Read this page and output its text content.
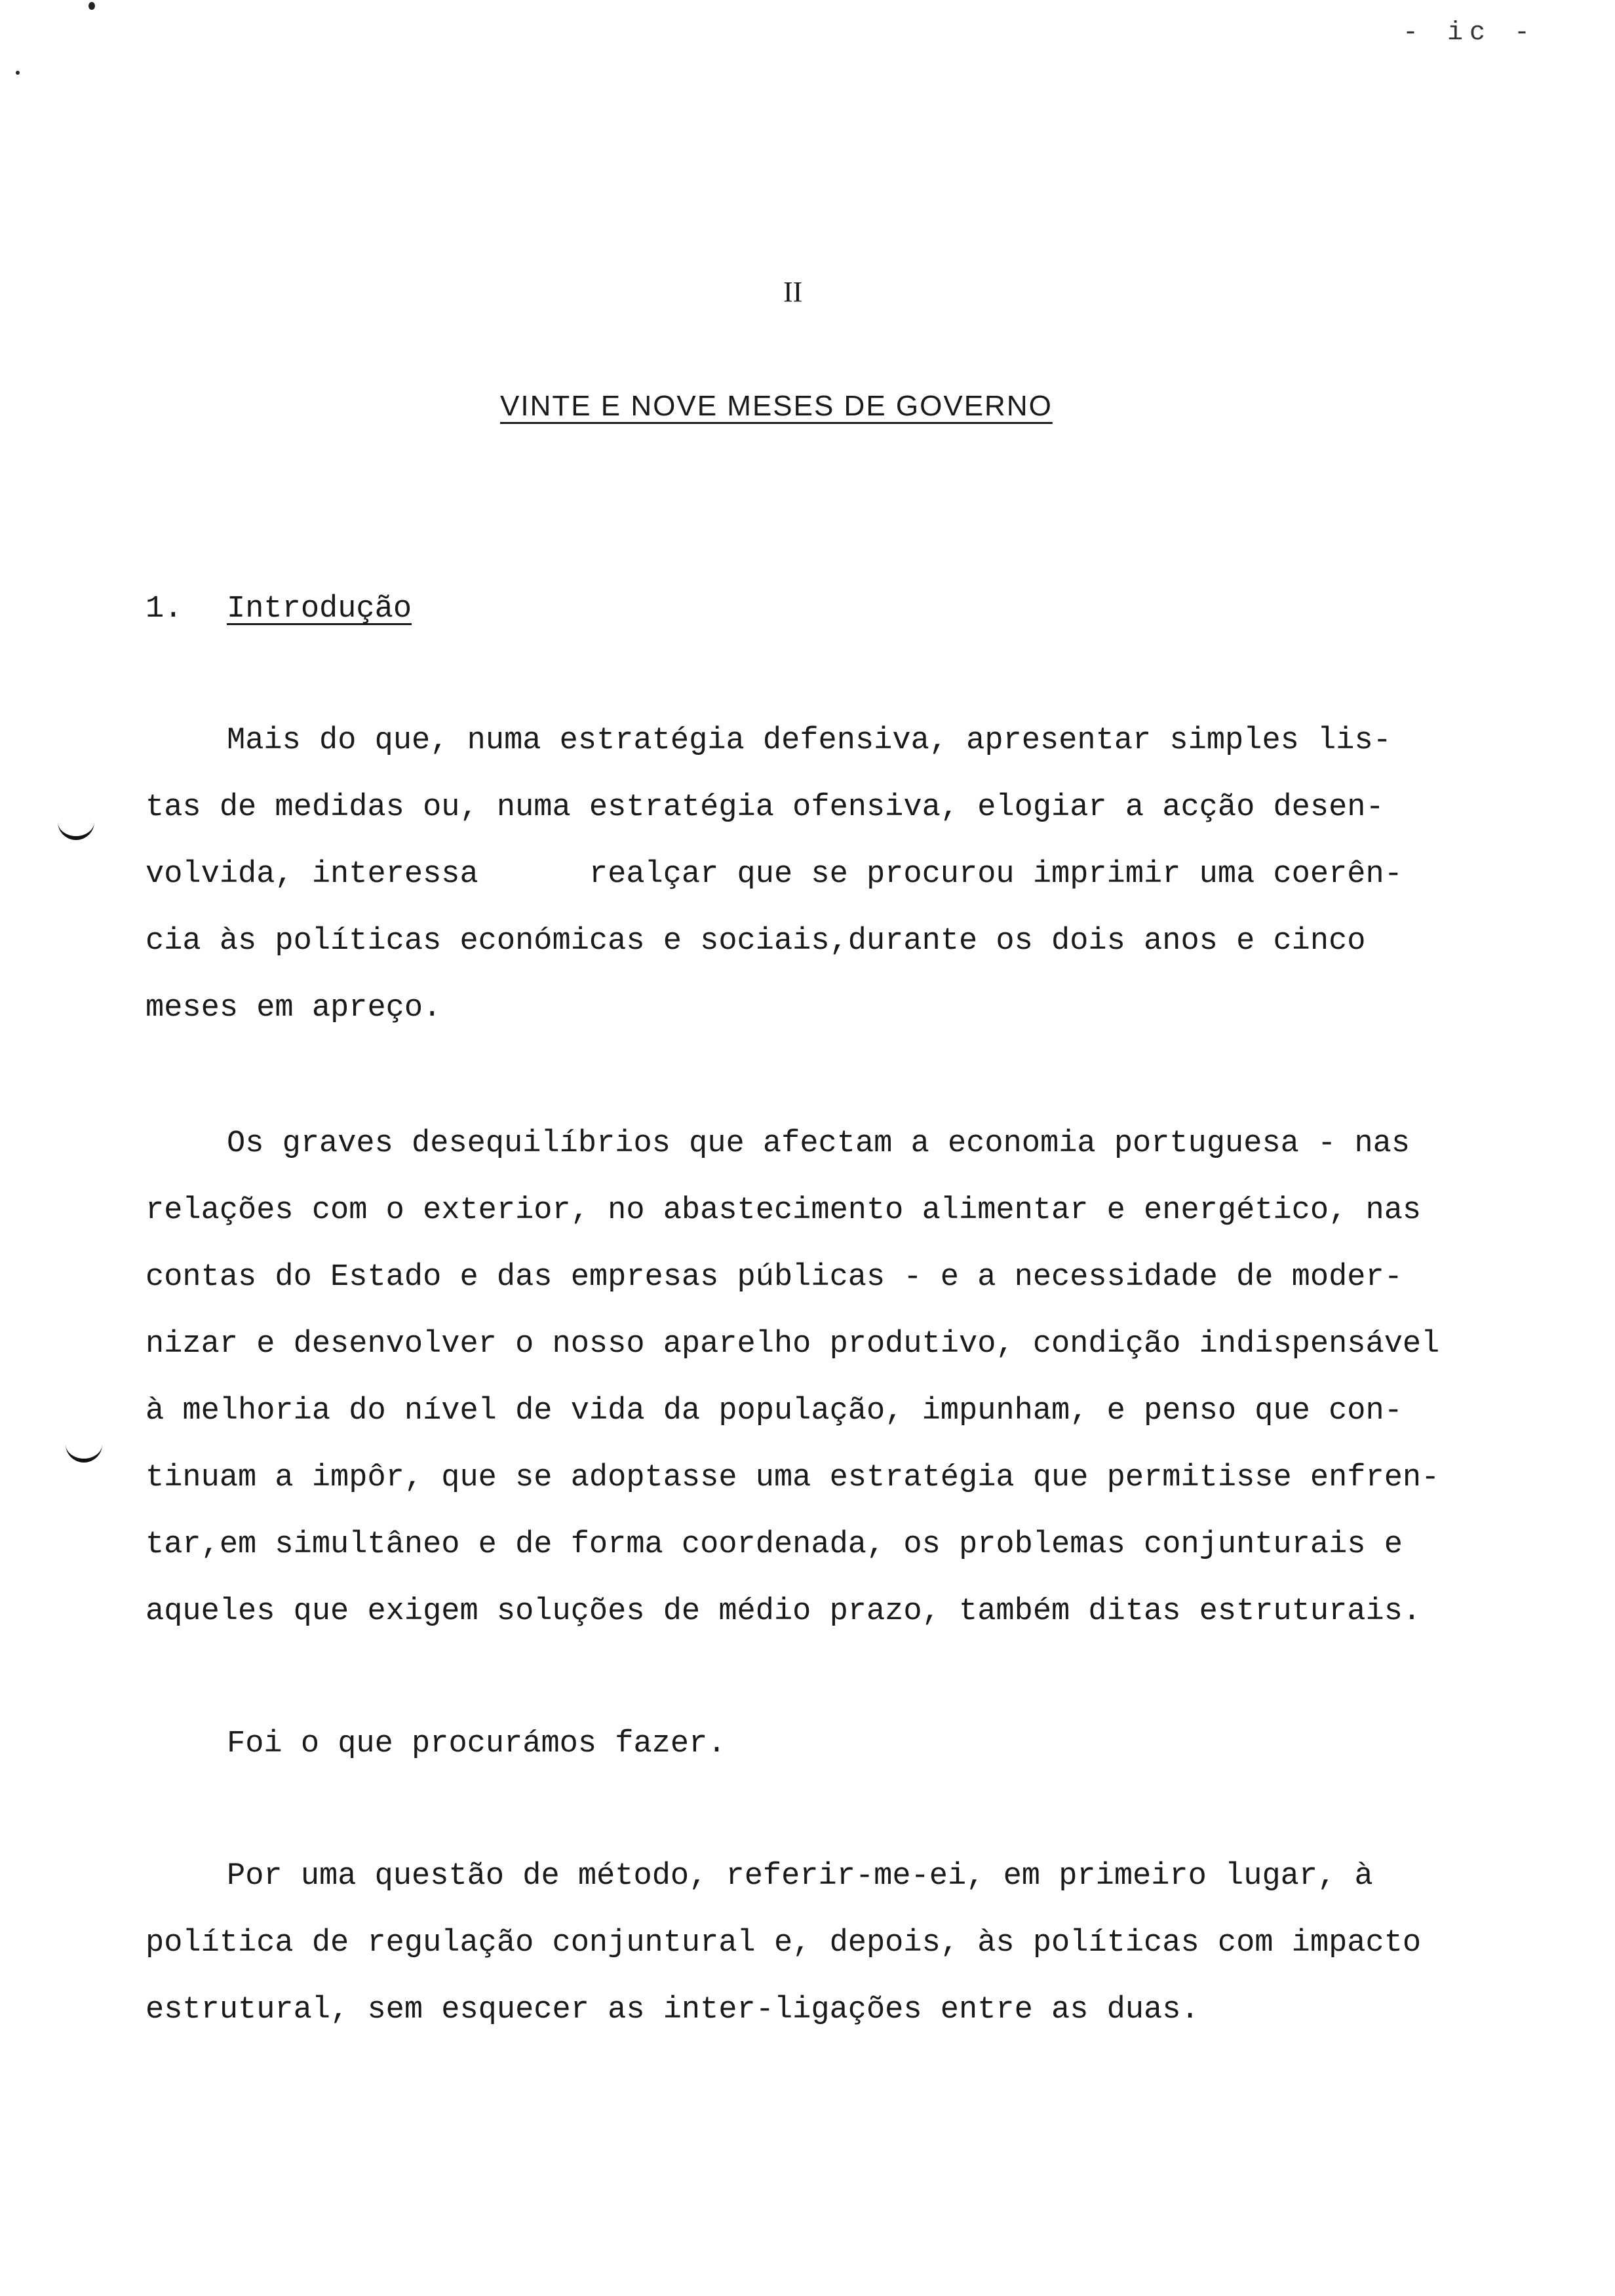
- ic -
II
VINTE E NOVE MESES DE GOVERNO
1. Introdução
Mais do que, numa estratégia defensiva, apresentar simples lis-
tas de medidas ou, numa estratégia ofensiva, elogiar a acção desen-
volvida, interessa      realçar que se procurou imprimir uma coerên-
cia às políticas económicas e sociais,durante os dois anos e cinco
meses em apreço.
Os graves desequilíbrios que afectam a economia portuguesa - nas
relações com o exterior, no abastecimento alimentar e energético, nas
contas do Estado e das empresas públicas - e a necessidade de moder-
nizar e desenvolver o nosso aparelho produtivo, condição indispensável
à melhoria do nível de vida da população, impunham, e penso que con-
tinuam a impôr, que se adoptasse uma estratégia que permitisse enfren-
tar,em simultâneo e de forma coordenada, os problemas conjunturais e
aqueles que exigem soluções de médio prazo, também ditas estruturais.
Foi o que procurámos fazer.
Por uma questão de método, referir-me-ei, em primeiro lugar, à
política de regulação conjuntural e, depois, às políticas com impacto
estrutural, sem esquecer as inter-ligações entre as duas.
